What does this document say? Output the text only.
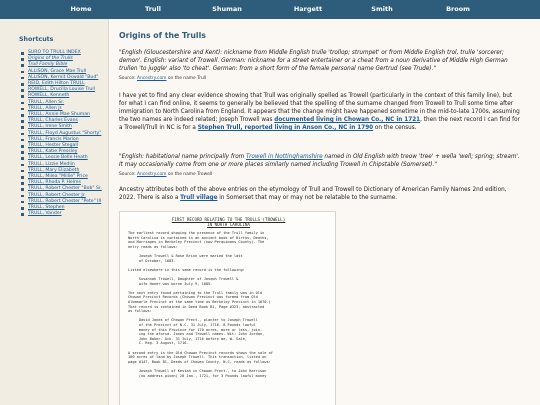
Home	Trull	Shuman	Hargett	Smith	Broom
Shortcuts
SURO TO TRULL INDEX
Origins of the Trulls
Trull Family Bible
ALLISON, Grace Mae Trull
ALLISON, Kermit Oswald "Bud"
REID, Edith Hilton TRULL
ROWELL, Drucilla Louise Trull
ROWELL, Kenneth
TRULL, Allen Sr.
TRULL, Allen Jr.
TRULL, Annie Mae Shuman
TRULL, Charles Evans
TRULL, Irene Smith
TRULL, Floyd Augustus "Shorty"
TRULL, Francis Marion
TRULL, Hester Stegall
TRULL, Katie Pressley
TRULL, Lessie Belle Heath
TRULL, Lizzie Medlin
TRULL, Mary Elizabeth
TRULL, Milea "Millie" Price
TRULL, Rhoda P. Helms
TRULL, Robert Chester "Bob" Sr.
TRULL, Robert Chester Jr.
TRULL, Robert Chester "Pete" III
TRULL, Stephen
TRULL, Vander
Origins of the Trulls
"English (Gloucestershire and Kent): nickname from Middle English trulle 'trollop; strumpet' or from Middle English trol, trulle 'sorcerer; demon'. English: variant of Trowell. German: nickname for a street entertainer or a cheat from a noun derivative of Middle High German trullen 'to juggle' also 'to cheat'. German: from a short form of the female personal name Gertrud (see Trude)."
Source: Ancestry.com on the name Trull
I have yet to find any clear evidence showing that Trull was originally spelled as Trowell (particularly in the context of this family line), but for what I can find online, it seems to generally be believed that the spelling of the surname changed from Trowell to Trull some time after immigration to North Carolina from England. It appears that the change might have happened sometime in the mid-to-late 1700s, assuming the two names are indeed related; Joseph Trowell was documented living in Chowan Co., NC in 1721, then the next record I can find for a Trowell/Trull in NC is for a Stephen Trull, reported living in Anson Co., NC in 1790 on the census.
"English: habitational name principally from Trowell in Nottinghamshire named in Old English with treow 'tree' + wella 'well; spring; stream'. It may occasionally come from one or more places similarly named including Trowell in Chipstable (Somerset)."
Source: Ancestry.com on the name Trowell
Ancestry attributes both of the above entries on the etymology of Trull and Trowell to Dictionary of American Family Names 2nd edition, 2022. There is also a Trull village in Somerset that may or may not be relatable to the surname.
FIRST RECORD RELATING TO THE TRULLS (TROWELL)
IN NORTH CAROLINA
The earliest record showing the presence of the Trull family in
North Carolina is contained in an ancient book of Births, Deaths,
and Marriages in Berkeley Precinct (now Perquimans County). The
entry reads as follows:
Joseph Trowell & Rose Brinn were maried the last
of October, 1683.
Listed elsewhere in this same record is the following:
Susannah Trowell, Daughter of Joseph Trowell &
wife Honer was borne July 9, 1685.
The next entry found pertaining to the Trull family was in Old
Chowan Precinct Records (Chowan Precinct was formed from Old
Albemarle Precinct at the same time as Berkeley Precinct in 1670.)
That record is contained in Deed Book B1, Page #323, abstracted
as follows:
David Jones of Chowan Prect., planter to Joseph Trowell
of the Precinct of N.C. 31 July, 1716. 8 Pounds lawful
money of this Province for 170 acres, more or less, join-
ing the aforsd. Jones and Trowell names. Wit: John Jordan,
John Baker. Ack. 31 July, 1716 before me, W. Gale,
C. Reg. 3 August, 1716.
A second entry in the Old Chowan Precinct records shows the sale of
100 acres of land by Joseph Trowell. This transaction, listed on
page #147, Book B1, Deeds of Chowan County, N.C. reads as follows:
Joseph Trowell of Kestah in Chowan Prect., to John Harrison
(no address given) 28 Jan., 1721, for 3 Pounds lawful money
